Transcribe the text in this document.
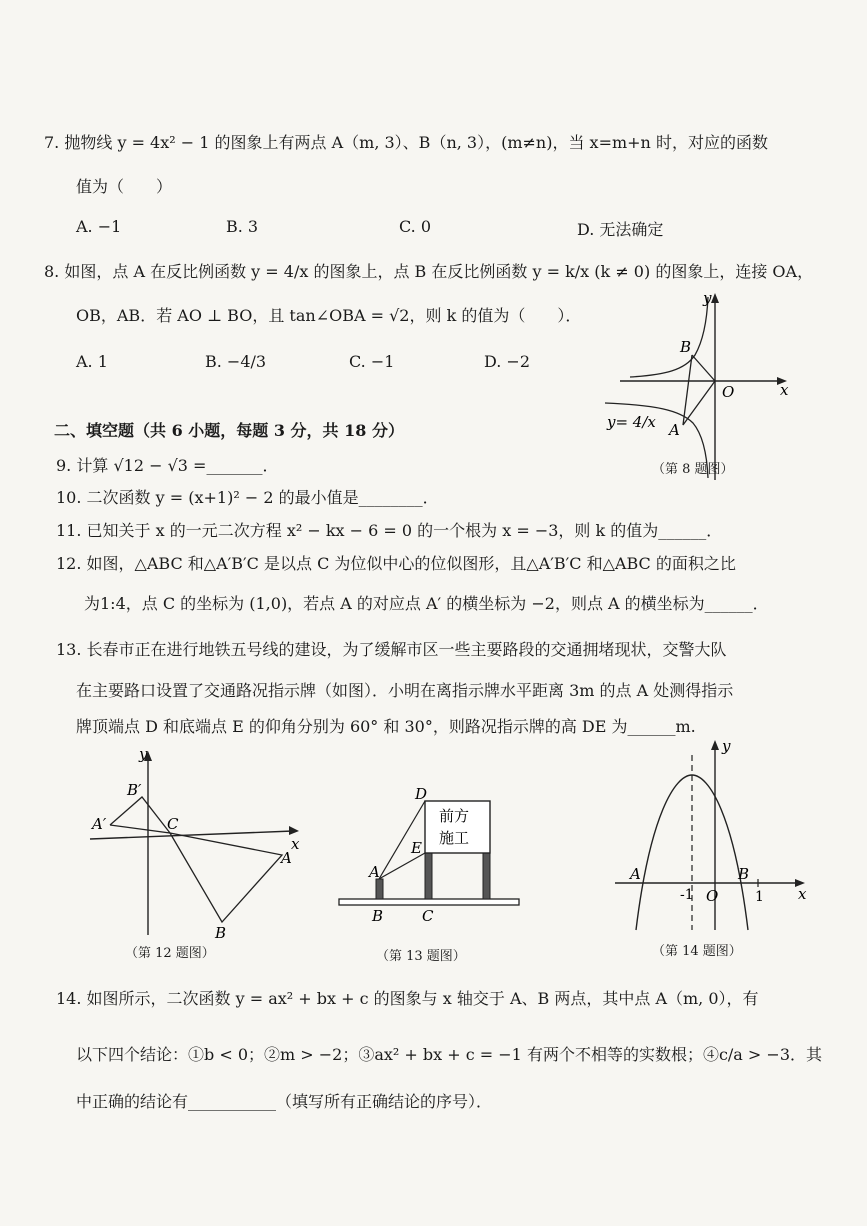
7. 抛物线 y = 4x² − 1 的图象上有两点 A（m, 3）、B（n, 3），(m≠n)，当 x=m+n 时，对应的函数
值为（　　）
A. −1	B. 3	C. 0	D. 无法确定
8. 如图，点 A 在反比例函数 y = 4/x 的图象上，点 B 在反比例函数 y = k/x (k ≠ 0) 的图象上，连接 OA，
OB，AB．若 AO ⊥ BO，且 tan∠OBA = √2，则 k 的值为（　　）．
A. 1	B. −4/3	C. −1	D. −2
y
x
O
B
A
y= 4/x
（第 8 题图）
二、填空题（共 6 小题，每题 3 分，共 18 分）
9. 计算 √12 − √3 =_______．
10. 二次函数 y = (x+1)² − 2 的最小值是________．
11. 已知关于 x 的一元二次方程 x² − kx − 6 = 0 的一个根为 x = −3，则 k 的值为______．
12. 如图，△ABC 和△A′B′C 是以点 C 为位似中心的位似图形，且△A′B′C 和△ABC 的面积之比
为1:4，点 C 的坐标为 (1,0)，若点 A 的对应点 A′ 的横坐标为 −2，则点 A 的横坐标为______．
13. 长春市正在进行地铁五号线的建设，为了缓解市区一些主要路段的交通拥堵现状，交警大队
在主要路口设置了交通路况指示牌（如图）．小明在离指示牌水平距离 3m 的点 A 处测得指示
牌顶端点 D 和底端点 E 的仰角分别为 60° 和 30°，则路况指示牌的高 DE 为______m.
y
x
B′
A′	C
A
B
（第 12 题图）
前方
施工
D
E
A
B	C
（第 13 题图）
y
x
A	B
-1 O	1
（第 14 题图）
14. 如图所示，二次函数 y = ax² + bx + c 的图象与 x 轴交于 A、B 两点，其中点 A（m, 0），有
以下四个结论：①b < 0；②m > −2；③ax² + bx + c = −1 有两个不相等的实数根；④c/a > −3．其
中正确的结论有___________（填写所有正确结论的序号）．
